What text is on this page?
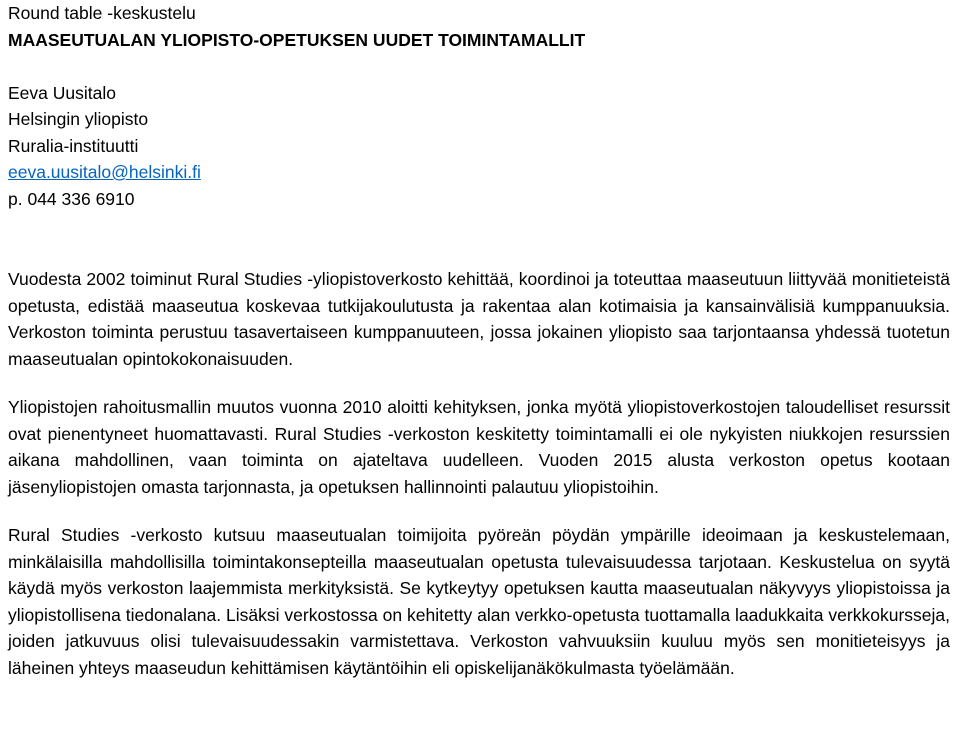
Round table -keskustelu
MAASEUTUALAN YLIOPISTO-OPETUKSEN UUDET TOIMINTAMALLIT
Eeva Uusitalo
Helsingin yliopisto
Ruralia-instituutti
eeva.uusitalo@helsinki.fi
p. 044 336 6910

Vuodesta 2002 toiminut Rural Studies -yliopistoverkosto kehittää, koordinoi ja toteuttaa maaseutuun liittyvää monitieteistä opetusta, edistää maaseutua koskevaa tutkijakoulutusta ja rakentaa alan kotimaisia ja kansainvälisiä kumppanuuksia. Verkoston toiminta perustuu tasavertaiseen kumppanuuteen, jossa jokainen yliopisto saa tarjontaansa yhdessä tuotetun maaseutualan opintokokonaisuuden.

Yliopistojen rahoitusmallin muutos vuonna 2010 aloitti kehityksen, jonka myötä yliopistoverkostojen taloudelliset resurssit ovat pienentyneet huomattavasti. Rural Studies -verkoston keskitetty toimintamalli ei ole nykyisten niukkojen resurssien aikana mahdollinen, vaan toiminta on ajateltava uudelleen. Vuoden 2015 alusta verkoston opetus kootaan jäsenyliopistojen omasta tarjonnasta, ja opetuksen hallinnointi palautuu yliopistoihin.

Rural Studies -verkosto kutsuu maaseutualan toimijoita pyöreän pöydän ympärille ideoimaan ja keskustelemaan, minkälaisilla mahdollisilla toimintakonsepteilla maaseutualan opetusta tulevaisuudessa tarjotaan. Keskustelua on syytä käydä myös verkoston laajemmista merkityksistä. Se kytkeytyy opetuksen kautta maaseutualan näkyvyys yliopistoissa ja yliopistollisena tiedonalana. Lisäksi verkostossa on kehitetty alan verkko-opetusta tuottamalla laadukkaita verkkokursseja, joiden jatkuvuus olisi tulevaisuudessakin varmistettava. Verkoston vahvuuksiin kuuluu myös sen monitieteisyys ja läheinen yhteys maaseudun kehittämisen käytäntöihin eli opiskelijanäkökulmasta työelämään.
